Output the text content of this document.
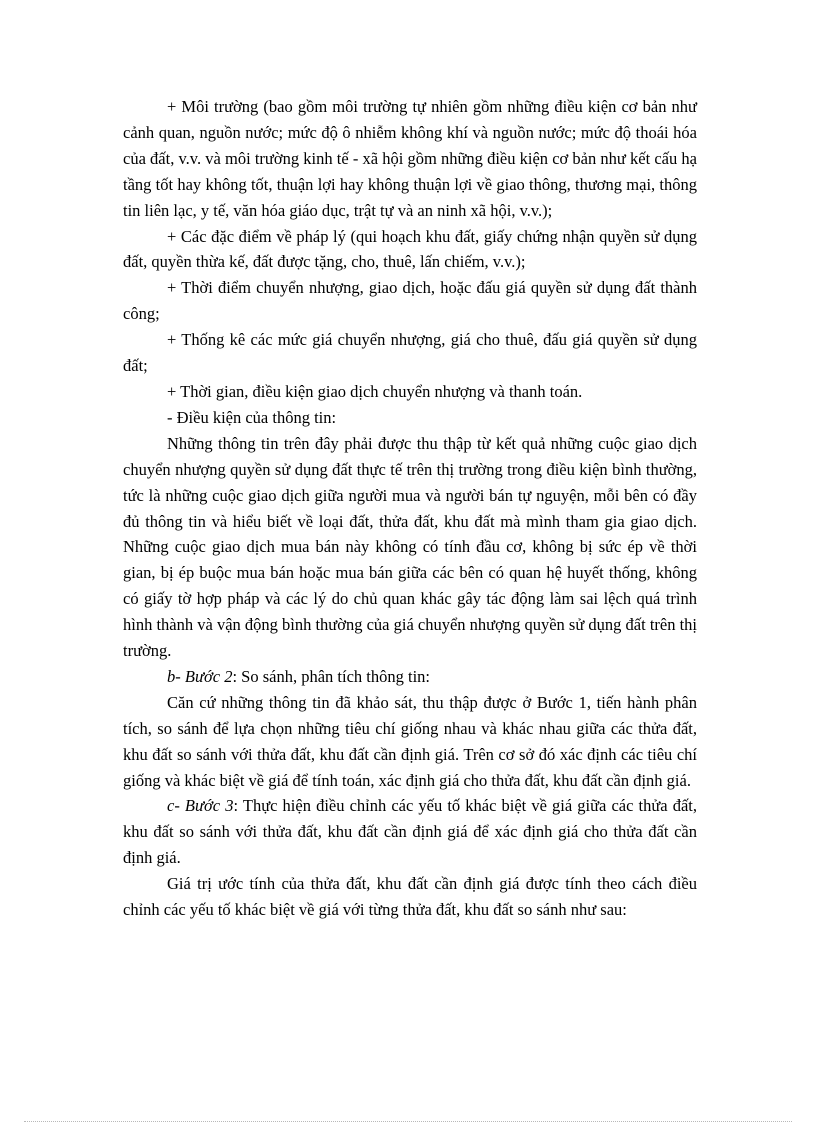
+ Môi trường (bao gồm môi trường tự nhiên gồm những điều kiện cơ bản như cảnh quan, nguồn nước; mức độ ô nhiễm không khí và nguồn nước; mức độ thoái hóa của đất, v.v. và môi trường kinh tế - xã hội gồm những điều kiện cơ bản như kết cấu hạ tầng tốt hay không tốt, thuận lợi hay không thuận lợi về giao thông, thương mại, thông tin liên lạc, y tế, văn hóa giáo dục, trật tự và an ninh xã hội, v.v.);

+ Các đặc điểm về pháp lý (qui hoạch khu đất, giấy chứng nhận quyền sử dụng đất, quyền thừa kế, đất được tặng, cho, thuê, lấn chiếm, v.v.);

+ Thời điểm chuyển nhượng, giao dịch, hoặc đấu giá quyền sử dụng đất thành công;

+ Thống kê các mức giá chuyển nhượng, giá cho thuê, đấu giá quyền sử dụng đất;

+ Thời gian, điều kiện giao dịch chuyển nhượng và thanh toán.

- Điều kiện của thông tin:

Những thông tin trên đây phải được thu thập từ kết quả những cuộc giao dịch chuyển nhượng quyền sử dụng đất thực tế trên thị trường trong điều kiện bình thường, tức là những cuộc giao dịch giữa người mua và người bán tự nguyện, mỗi bên có đầy đủ thông tin và hiểu biết về loại đất, thửa đất, khu đất mà mình tham gia giao dịch. Những cuộc giao dịch mua bán này không có tính đầu cơ, không bị sức ép về thời gian, bị ép buộc mua bán hoặc mua bán giữa các bên có quan hệ huyết thống, không có giấy tờ hợp pháp và các lý do chủ quan khác gây tác động làm sai lệch quá trình hình thành và vận động bình thường của giá chuyển nhượng quyền sử dụng đất trên thị trường.

b- Bước 2: So sánh, phân tích thông tin:

Căn cứ những thông tin đã khảo sát, thu thập được ở Bước 1, tiến hành phân tích, so sánh để lựa chọn những tiêu chí giống nhau và khác nhau giữa các thửa đất, khu đất so sánh với thửa đất, khu đất cần định giá. Trên cơ sở đó xác định các tiêu chí giống và khác biệt về giá để tính toán, xác định giá cho thửa đất, khu đất cần định giá.

c- Bước 3: Thực hiện điều chỉnh các yếu tố khác biệt về giá giữa các thửa đất, khu đất so sánh với thửa đất, khu đất cần định giá để xác định giá cho thửa đất cần định giá.

Giá trị ước tính của thửa đất, khu đất cần định giá được tính theo cách điều chỉnh các yếu tố khác biệt về giá với từng thửa đất, khu đất so sánh như sau:
